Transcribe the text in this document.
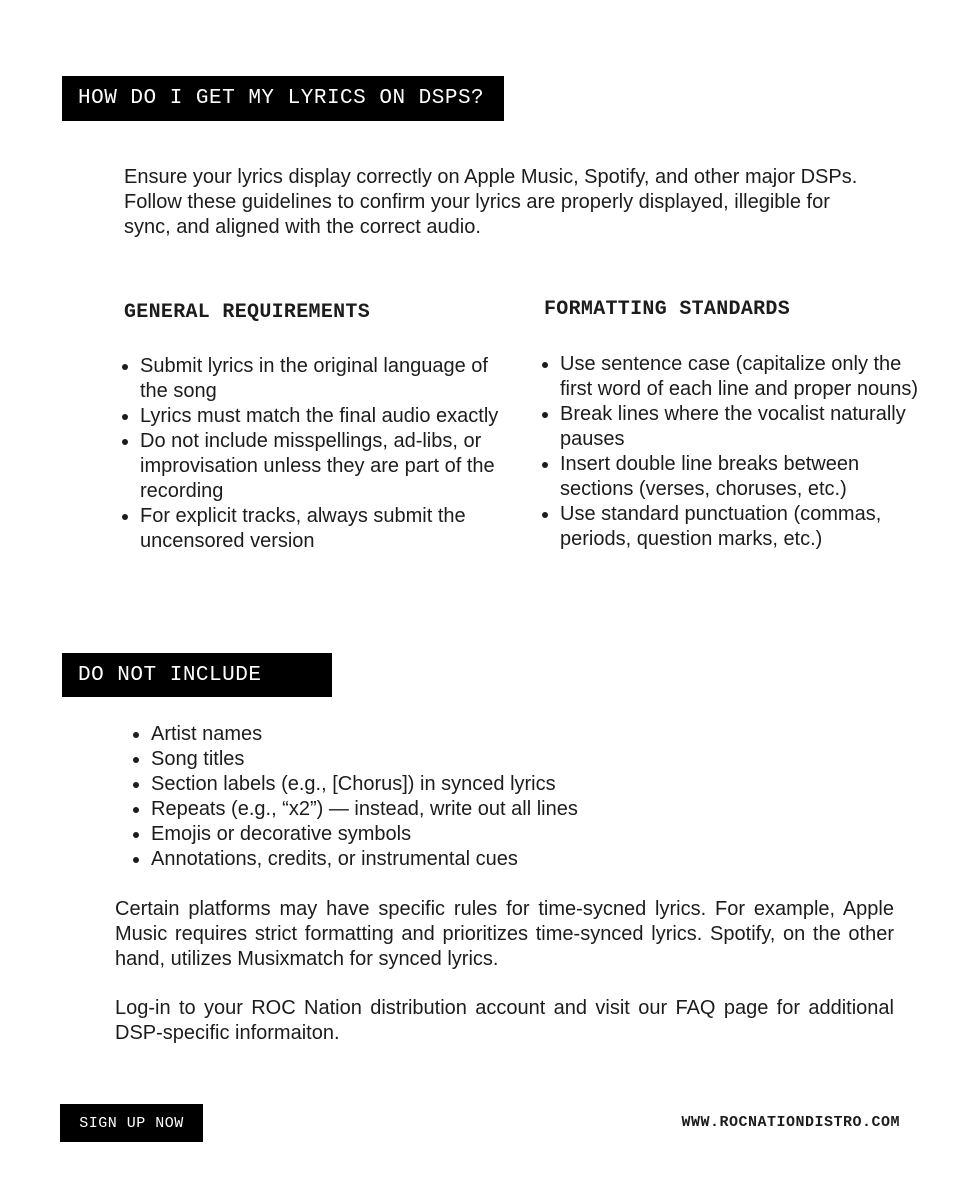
HOW DO I GET MY LYRICS ON DSPS?

Ensure your lyrics display correctly on Apple Music, Spotify, and other major DSPs. Follow these guidelines to confirm your lyrics are properly displayed, illegible for sync, and aligned with the correct audio.

GENERAL REQUIREMENTS
• Submit lyrics in the original language of the song
• Lyrics must match the final audio exactly
• Do not include misspellings, ad-libs, or improvisation unless they are part of the recording
• For explicit tracks, always submit the uncensored version
FORMATTING STANDARDS
• Use sentence case (capitalize only the first word of each line and proper nouns)
• Break lines where the vocalist naturally pauses
• Insert double line breaks between sections (verses, choruses, etc.)
• Use standard punctuation (commas, periods, question marks, etc.)
DO NOT INCLUDE
• Artist names
• Song titles
• Section labels (e.g., [Chorus]) in synced lyrics
• Repeats (e.g., “x2”) — instead, write out all lines
• Emojis or decorative symbols
• Annotations, credits, or instrumental cues

Certain platforms may have specific rules for time-sycned lyrics. For example, Apple Music requires strict formatting and prioritizes time-synced lyrics. Spotify, on the other hand, utilizes Musixmatch for synced lyrics.

Log-in to your ROC Nation distribution account and visit our FAQ page for additional DSP-specific informaiton.

SIGN UP NOW	WWW.ROCNATIONDISTRO.COM
